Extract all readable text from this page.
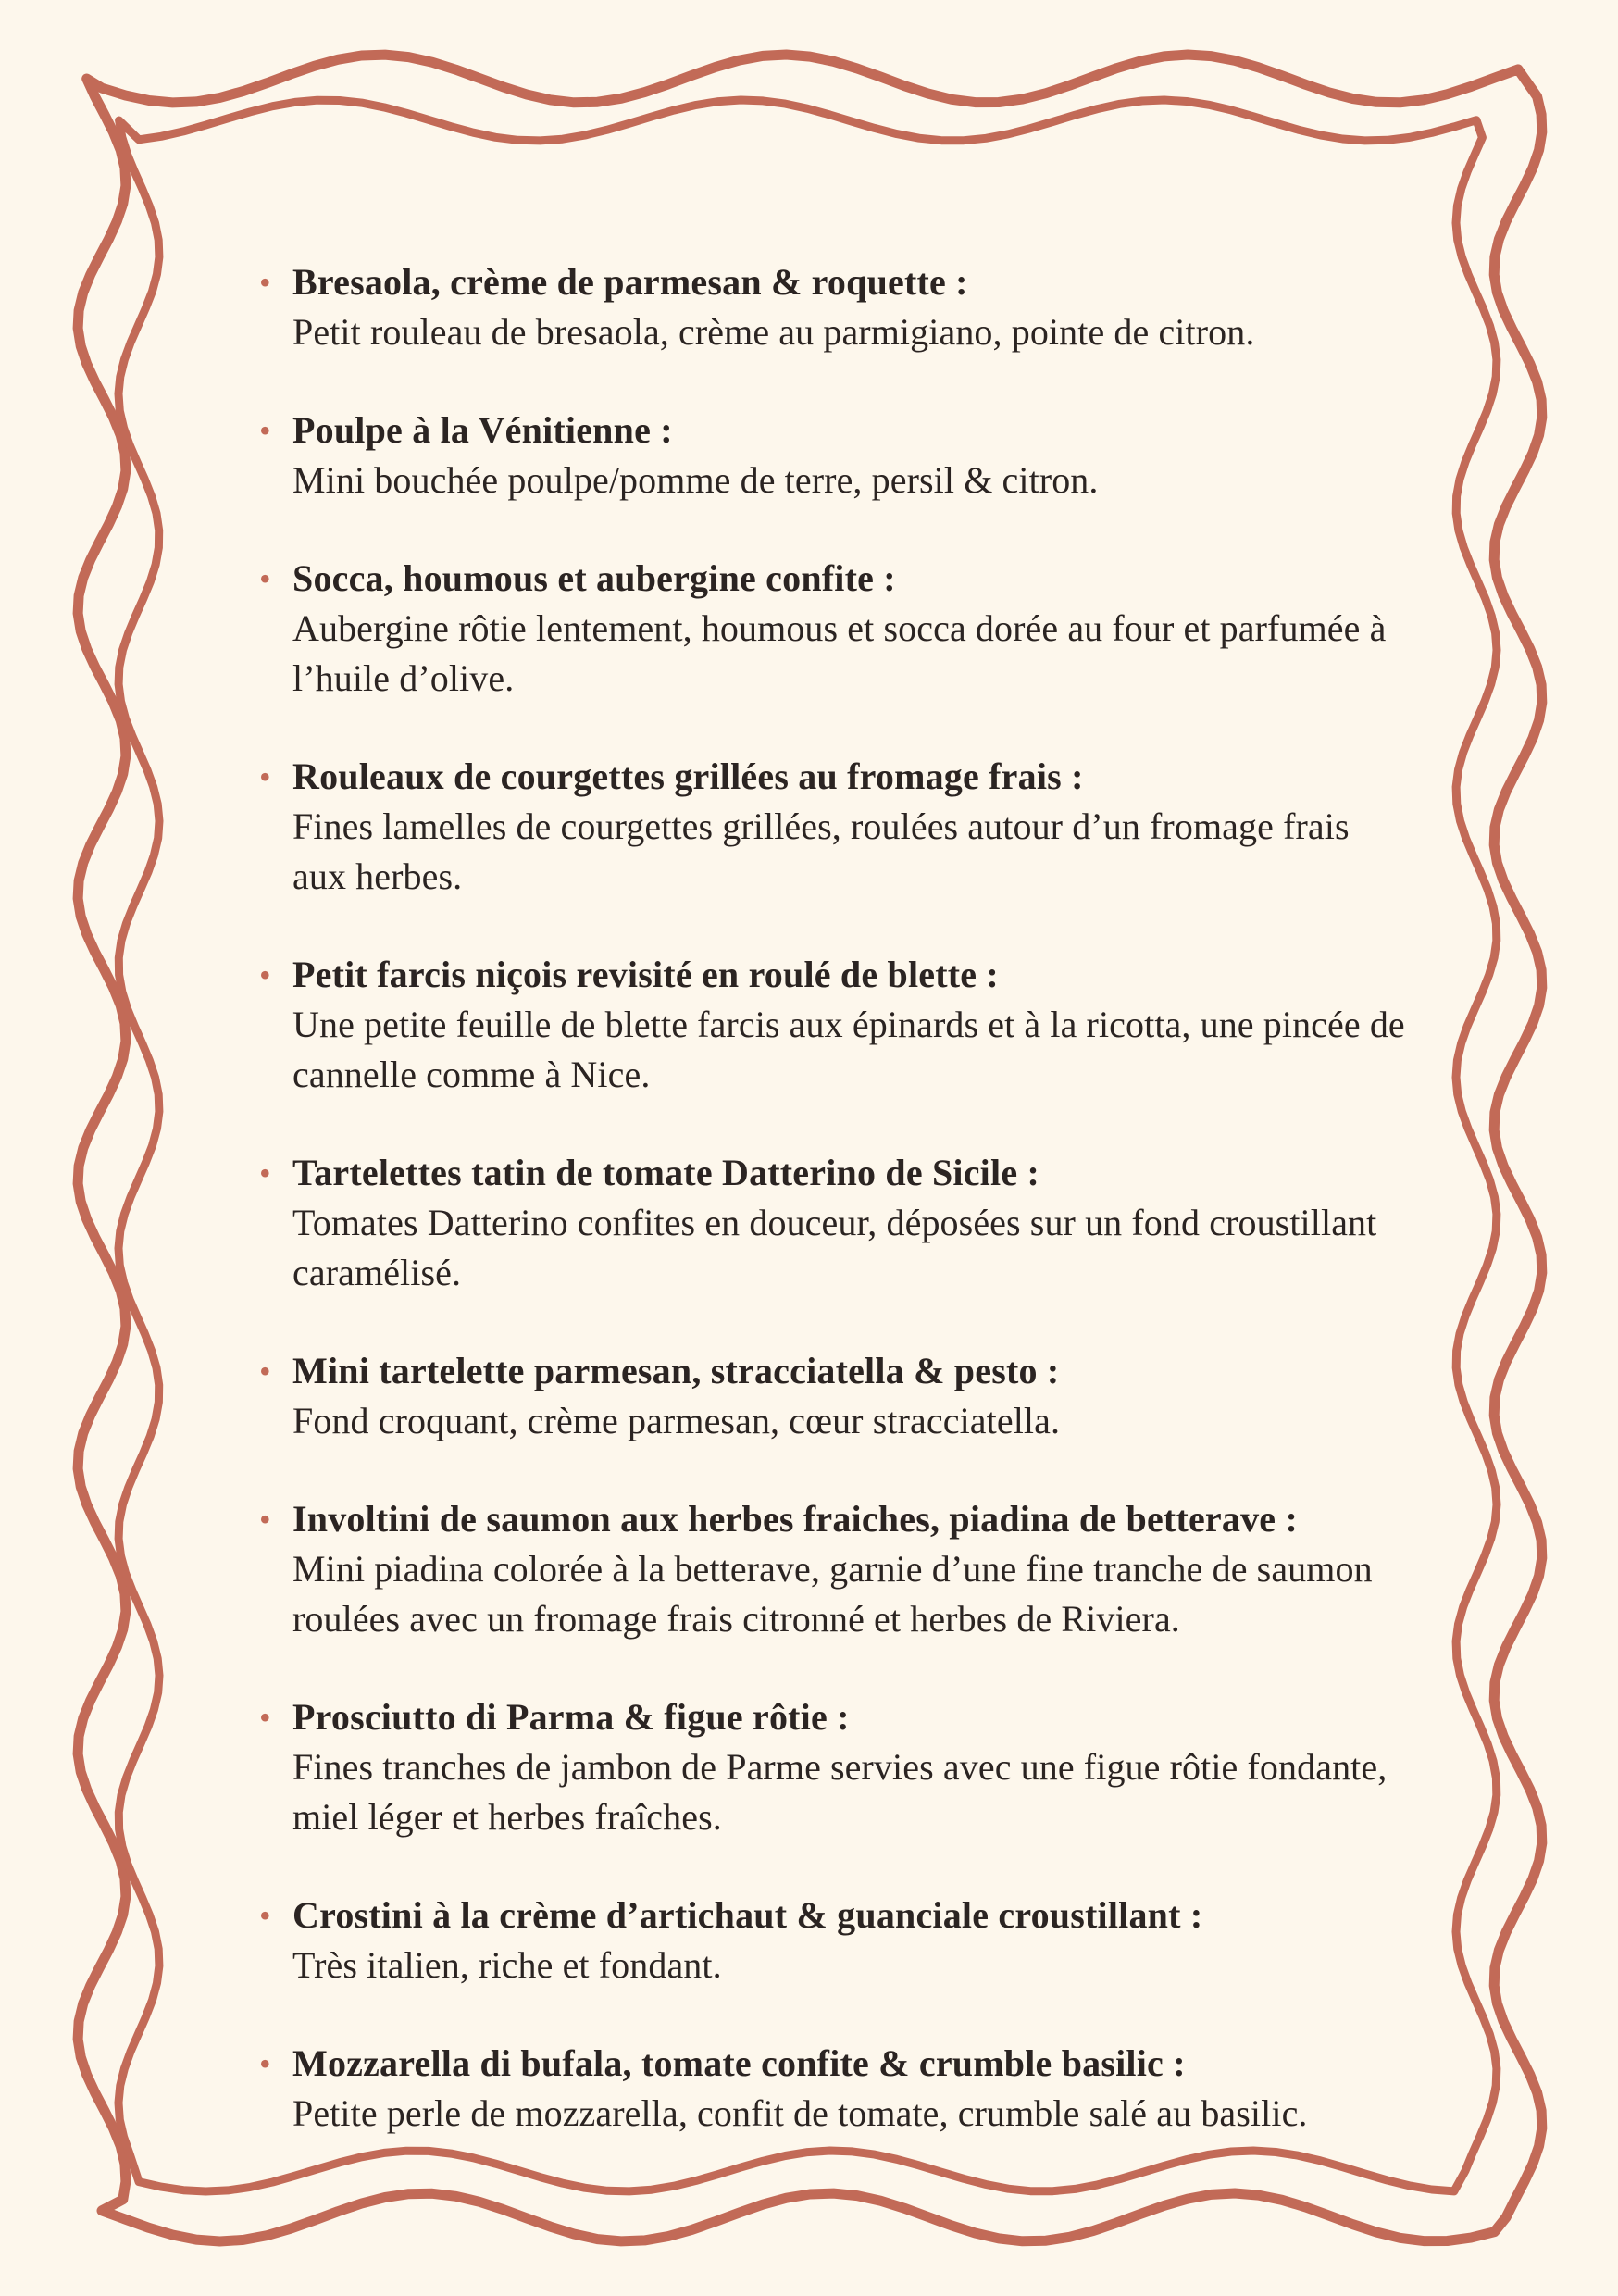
• Bresaola, crème de parmesan & roquette :
Petit rouleau de bresaola, crème au parmigiano, pointe de citron.
• Poulpe à la Vénitienne :
Mini bouchée poulpe/pomme de terre, persil & citron.
• Socca, houmous et aubergine confite :
Aubergine rôtie lentement, houmous et socca dorée au four et parfumée à l’huile d’olive.
• Rouleaux de courgettes grillées au fromage frais :
Fines lamelles de courgettes grillées, roulées autour d’un fromage frais aux herbes.
• Petit farcis niçois revisité en roulé de blette :
Une petite feuille de blette farcis aux épinards et à la ricotta, une pincée de cannelle comme à Nice.
• Tartelettes tatin de tomate Datterino de Sicile :
Tomates Datterino confites en douceur, déposées sur un fond croustillant caramélisé.
• Mini tartelette parmesan, stracciatella & pesto :
Fond croquant, crème parmesan, cœur stracciatella.
• Involtini de saumon aux herbes fraiches, piadina de betterave :
Mini piadina colorée à la betterave, garnie d’une fine tranche de saumon roulées avec un fromage frais citronné et herbes de Riviera.
• Prosciutto di Parma & figue rôtie :
Fines tranches de jambon de Parme servies avec une figue rôtie fondante, miel léger et herbes fraîches.
• Crostini à la crème d’artichaut & guanciale croustillant :
Très italien, riche et fondant.
• Mozzarella di bufala, tomate confite & crumble basilic :
Petite perle de mozzarella, confit de tomate, crumble salé au basilic.
